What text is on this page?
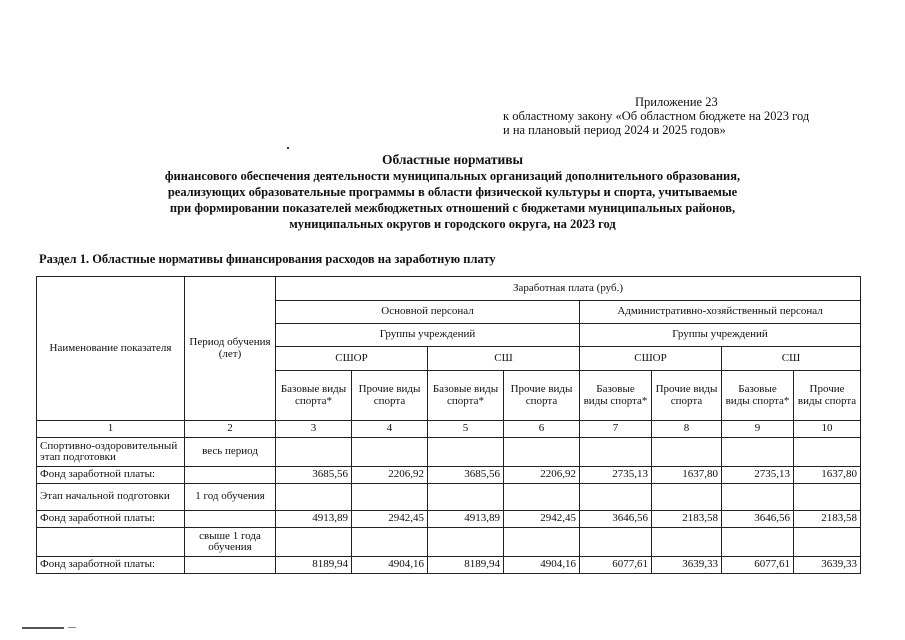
Приложение 23
к областному закону «Об областном бюджете на 2023 год
и на плановый период 2024 и 2025 годов»
Областные нормативы
финансового обеспечения деятельности муниципальных организаций дополнительного образования,
реализующих образовательные программы в области физической культуры и спорта, учитываемые
при формировании показателей межбюджетных отношений с бюджетами муниципальных районов,
муниципальных округов и городского округа, на 2023 год
Раздел 1. Областные нормативы финансирования расходов на заработную плату
Наименование показателя	Период обучения (лет)	Заработная плата (руб.)							
		Основной персонал				Административно-хозяйственный персонал			
		Группы учреждений				Группы учреждений			
		СШОР		СШ		СШОР		СШ	
		Базовые виды спорта*	Прочие виды спорта	Базовые виды спорта*	Прочие виды спорта	Базовые виды спорта*	Прочие виды спорта	Базовые виды спорта*	Прочие виды спорта
1	2	3	4	5	6	7	8	9	10
Спортивно-оздоровительный этап подготовки	весь период								
Фонд заработной платы:		3685,56	2206,92	3685,56	2206,92	2735,13	1637,80	2735,13	1637,80
Этап начальной подготовки	1 год обучения								
Фонд заработной платы:		4913,89	2942,45	4913,89	2942,45	3646,56	2183,58	3646,56	2183,58
	свыше 1 года обучения								
Фонд заработной платы:		8189,94	4904,16	8189,94	4904,16	6077,61	3639,33	6077,61	3639,33
